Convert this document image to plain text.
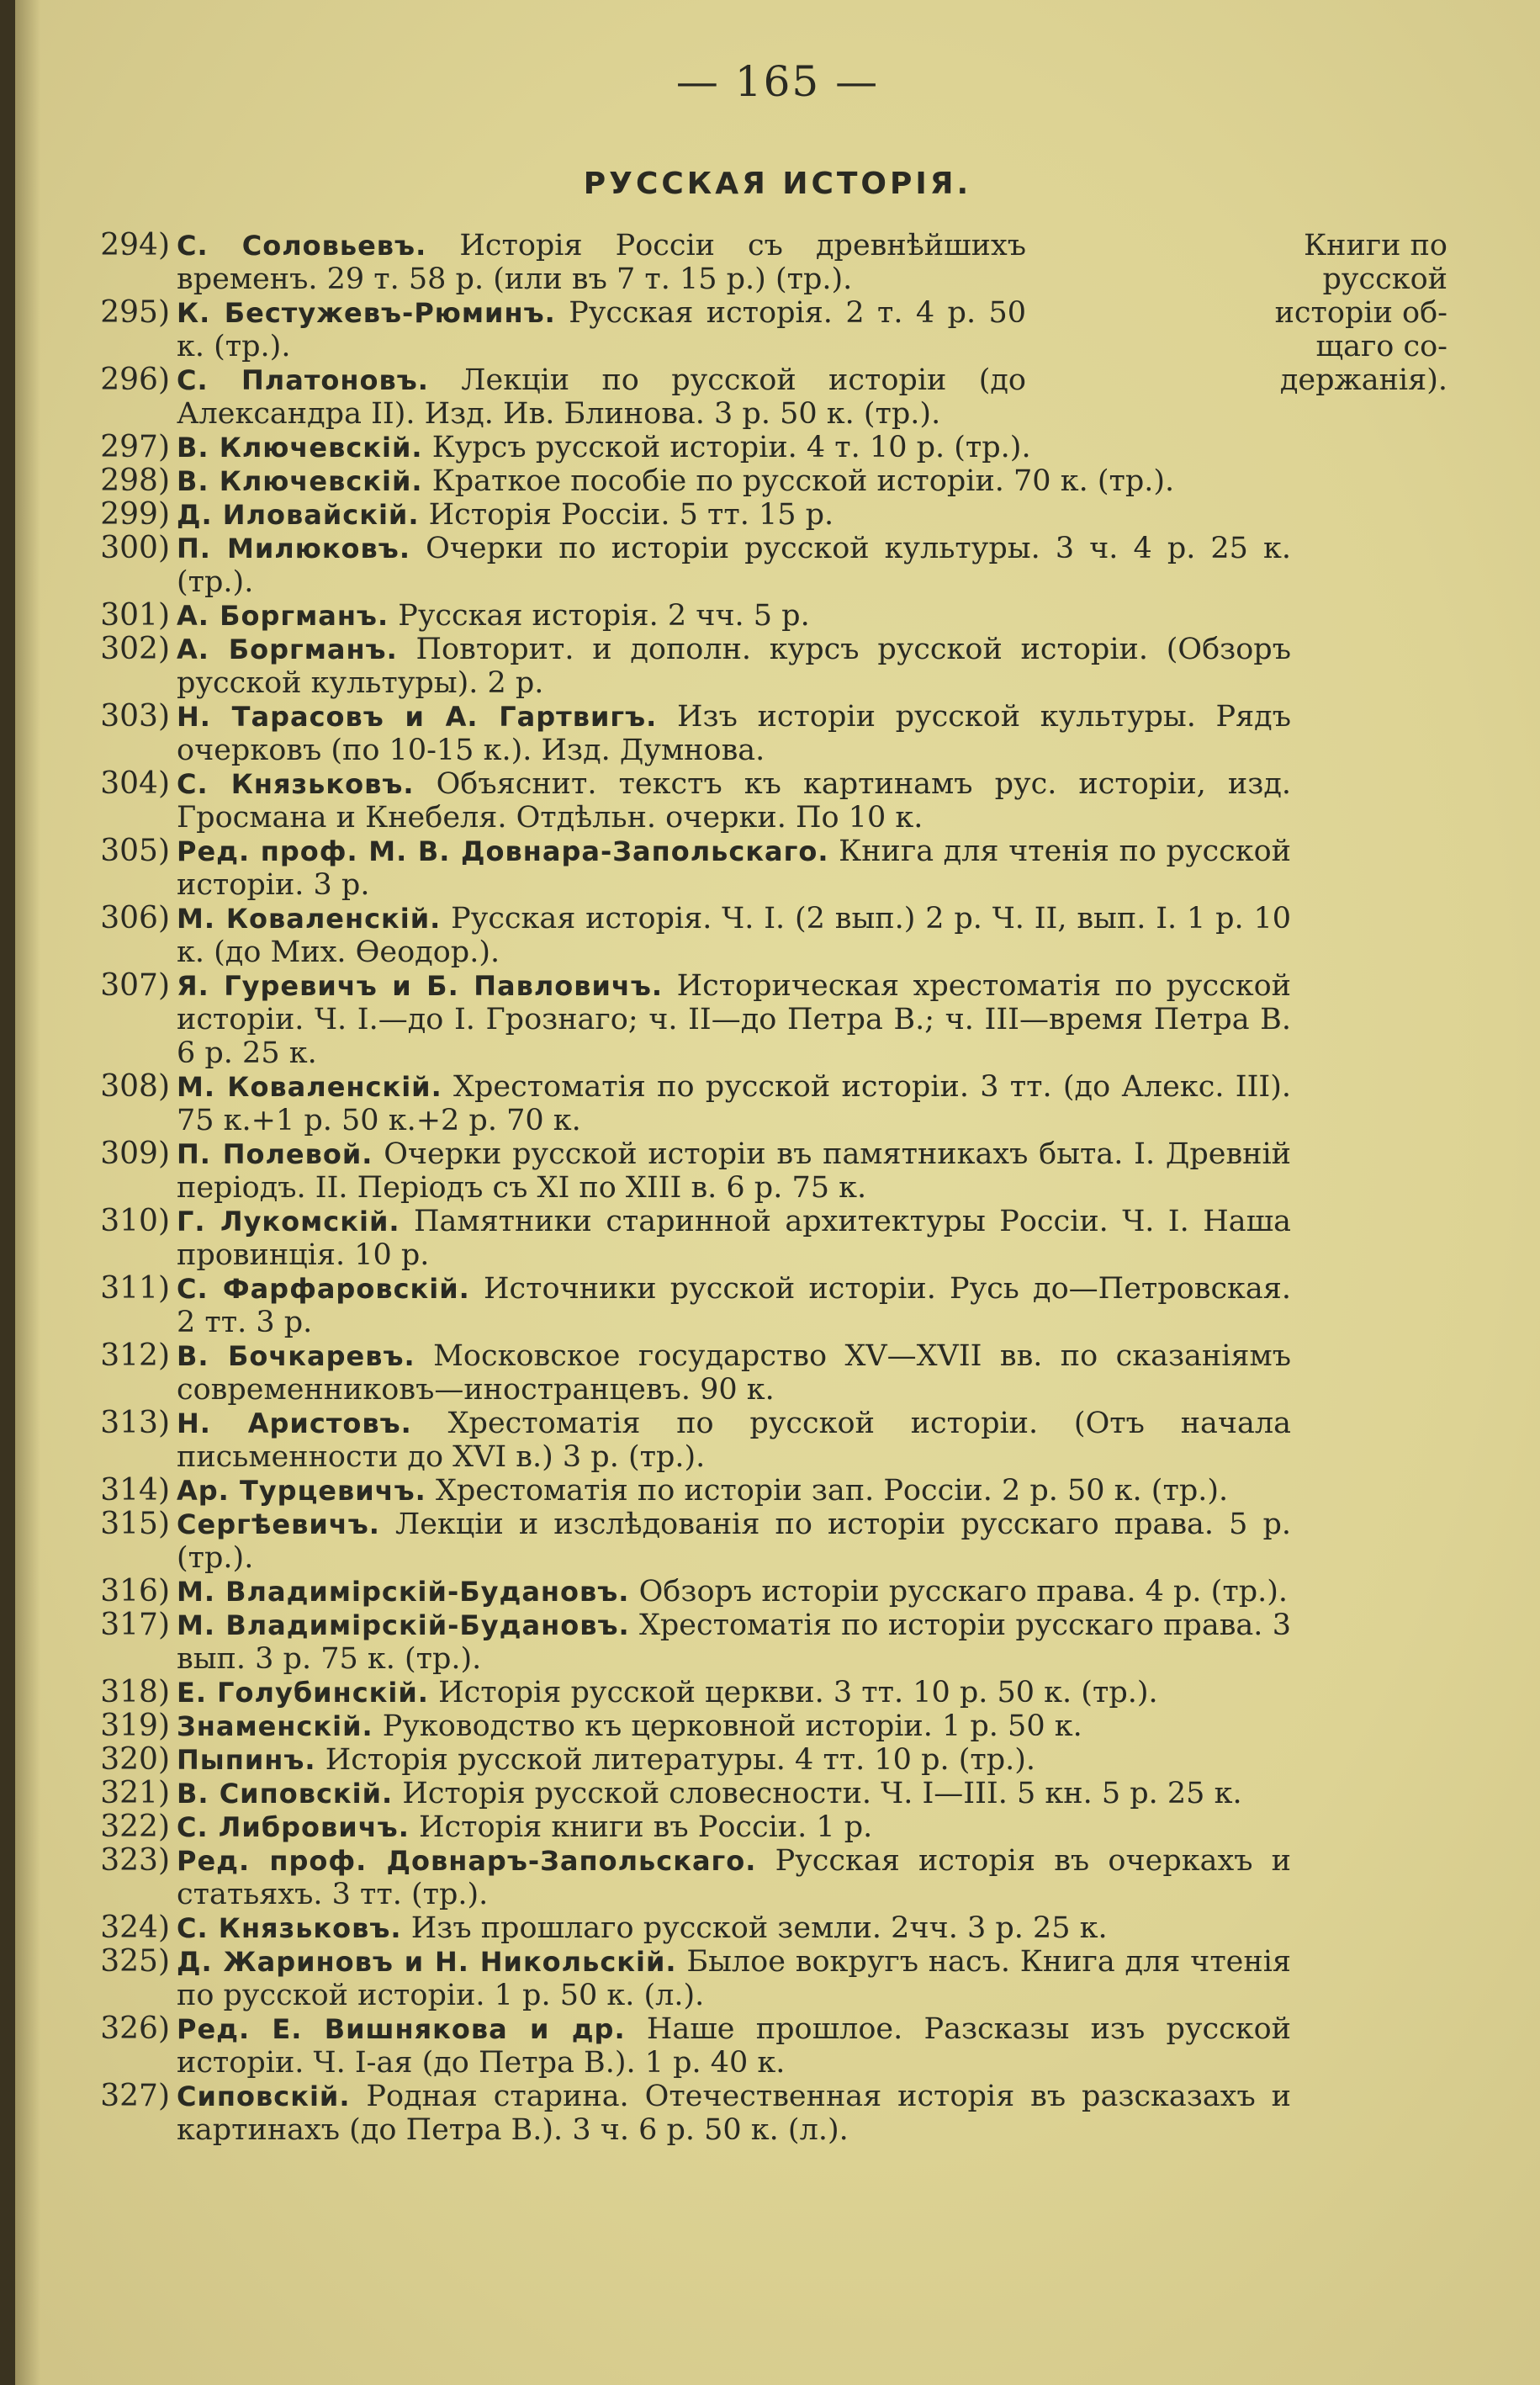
— 165 —
РУССКАЯ ИСТОРІЯ.
Книги по
русской
исторіи об-
щаго со-
держанія).
294) С. Соловьевъ. Исторія Россіи съ древнѣйшихъ временъ. 29 т. 58 р. (или въ 7 т. 15 р.) (тр.).
295) К. Бестужевъ-Рюминъ. Русская исторія. 2 т. 4 р. 50 к. (тр.).
296) С. Платоновъ. Лекціи по русской исторіи (до Александра II). Изд. Ив. Блинова. 3 р. 50 к. (тр.).
297) В. Ключевскій. Курсъ русской исторіи. 4 т. 10 р. (тр.).
298) В. Ключевскій. Краткое пособіе по русской исторіи. 70 к. (тр.).
299) Д. Иловайскій. Исторія Россіи. 5 тт. 15 р.
300) П. Милюковъ. Очерки по исторіи русской культуры. 3 ч. 4 р. 25 к. (тр.).
301) А. Боргманъ. Русская исторія. 2 чч. 5 р.
302) А. Боргманъ. Повторит. и дополн. курсъ русской исторіи. (Обзоръ русской культуры). 2 р.
303) Н. Тарасовъ и А. Гартвигъ. Изъ исторіи русской культуры. Рядъ очерковъ (по 10-15 к.). Изд. Думнова.
304) С. Князьковъ. Объяснит. текстъ къ картинамъ рус. исторіи, изд. Гросмана и Кнебеля. Отдѣльн. очерки. По 10 к.
305) Ред. проф. М. В. Довнара-Запольскаго. Книга для чтенія по русской исторіи. 3 р.
306) М. Коваленскій. Русская исторія. Ч. I. (2 вып.) 2 р. Ч. II, вып. I. 1 р. 10 к. (до Мих. Ѳеодор.).
307) Я. Гуревичъ и Б. Павловичъ. Историческая хрестоматія по русской исторіи. Ч. I.—до I. Грознаго; ч. II—до Петра В.; ч. III—время Петра В. 6 р. 25 к.
308) М. Коваленскій. Хрестоматія по русской исторіи. 3 тт. (до Алекс. III). 75 к.+1 р. 50 к.+2 р. 70 к.
309) П. Полевой. Очерки русской исторіи въ памятникахъ быта. I. Древній періодъ. II. Періодъ съ XI по XIII в. 6 р. 75 к.
310) Г. Лукомскій. Памятники старинной архитектуры Россіи. Ч. I. Наша провинція. 10 р.
311) С. Фарфаровскій. Источники русской исторіи. Русь до—Петровская. 2 тт. 3 р.
312) В. Бочкаревъ. Московское государство XV—XVII вв. по сказаніямъ современниковъ—иностранцевъ. 90 к.
313) Н. Аристовъ. Хрестоматія по русской исторіи. (Отъ начала письменности до XVI в.) 3 р. (тр.).
314) Ар. Турцевичъ. Хрестоматія по исторіи зап. Россіи. 2 р. 50 к. (тр.).
315) Сергѣевичъ. Лекціи и изслѣдованія по исторіи русскаго права. 5 р. (тр.).
316) М. Владимірскій-Будановъ. Обзоръ исторіи русскаго права. 4 р. (тр.).
317) М. Владимірскій-Будановъ. Хрестоматія по исторіи русскаго права. 3 вып. 3 р. 75 к. (тр.).
318) Е. Голубинскій. Исторія русской церкви. 3 тт. 10 р. 50 к. (тр.).
319) Знаменскій. Руководство къ церковной исторіи. 1 р. 50 к.
320) Пыпинъ. Исторія русской литературы. 4 тт. 10 р. (тр.).
321) В. Сиповскій. Исторія русской словесности. Ч. I—III. 5 кн. 5 р. 25 к.
322) С. Либровичъ. Исторія книги въ Россіи. 1 р.
323) Ред. проф. Довнаръ-Запольскаго. Русская исторія въ очеркахъ и статьяхъ. 3 тт. (тр.).
324) С. Князьковъ. Изъ прошлаго русской земли. 2чч. 3 р. 25 к.
325) Д. Жариновъ и Н. Никольскій. Былое вокругъ насъ. Книга для чтенія по русской исторіи. 1 р. 50 к. (л.).
326) Ред. Е. Вишнякова и др. Наше прошлое. Разсказы изъ русской исторіи. Ч. I-ая (до Петра В.). 1 р. 40 к.
327) Сиповскій. Родная старина. Отечественная исторія въ разсказахъ и картинахъ (до Петра В.). 3 ч. 6 р. 50 к. (л.).
